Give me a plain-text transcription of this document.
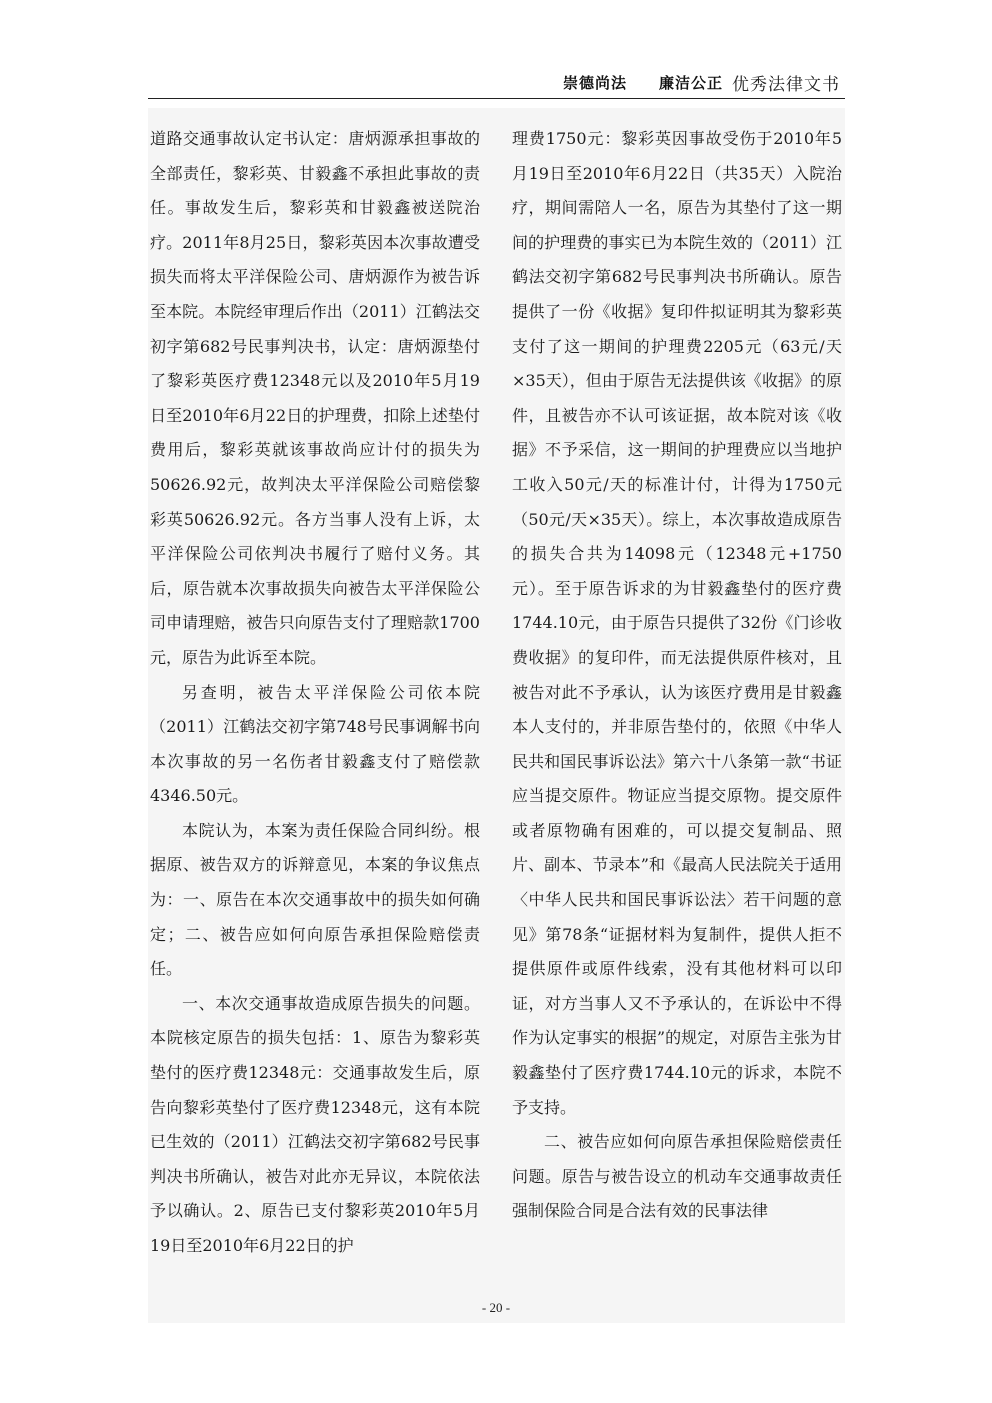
崇德尚法 廉洁公正 优秀法律文书

道路交通事故认定书认定：唐炳源承担事故的全部责任，黎彩英、甘毅鑫不承担此事故的责任。事故发生后，黎彩英和甘毅鑫被送院治疗。2011年8月25日，黎彩英因本次事故遭受损失而将太平洋保险公司、唐炳源作为被告诉至本院。本院经审理后作出（2011）江鹤法交初字第682号民事判决书，认定：唐炳源垫付了黎彩英医疗费12348元以及2010年5月19日至2010年6月22日的护理费，扣除上述垫付费用后，黎彩英就该事故尚应计付的损失为50626.92元，故判决太平洋保险公司赔偿黎彩英50626.92元。各方当事人没有上诉，太平洋保险公司依判决书履行了赔付义务。其后，原告就本次事故损失向被告太平洋保险公司申请理赔，被告只向原告支付了理赔款1700元，原告为此诉至本院。

另查明，被告太平洋保险公司依本院（2011）江鹤法交初字第748号民事调解书向本次事故的另一名伤者甘毅鑫支付了赔偿款4346.50元。

本院认为，本案为责任保险合同纠纷。根据原、被告双方的诉辩意见，本案的争议焦点为：一、原告在本次交通事故中的损失如何确定；二、被告应如何向原告承担保险赔偿责任。

一、本次交通事故造成原告损失的问题。本院核定原告的损失包括：1、原告为黎彩英垫付的医疗费12348元：交通事故发生后，原告向黎彩英垫付了医疗费12348元，这有本院已生效的（2011）江鹤法交初字第682号民事判决书所确认，被告对此亦无异议，本院依法予以确认。2、原告已支付黎彩英2010年5月19日至2010年6月22日的护

理费1750元：黎彩英因事故受伤于2010年5月19日至2010年6月22日（共35天）入院治疗，期间需陪人一名，原告为其垫付了这一期间的护理费的事实已为本院生效的（2011）江鹤法交初字第682号民事判决书所确认。原告提供了一份《收据》复印件拟证明其为黎彩英支付了这一期间的护理费2205元（63元/天×35天），但由于原告无法提供该《收据》的原件，且被告亦不认可该证据，故本院对该《收据》不予采信，这一期间的护理费应以当地护工收入50元/天的标准计付，计得为1750元（50元/天×35天）。综上，本次事故造成原告的损失合共为14098元（12348元+1750元）。至于原告诉求的为甘毅鑫垫付的医疗费1744.10元，由于原告只提供了32份《门诊收费收据》的复印件，而无法提供原件核对，且被告对此不予承认，认为该医疗费用是甘毅鑫本人支付的，并非原告垫付的，依照《中华人民共和国民事诉讼法》第六十八条第一款“书证应当提交原件。物证应当提交原物。提交原件或者原物确有困难的，可以提交复制品、照片、副本、节录本”和《最高人民法院关于适用〈中华人民共和国民事诉讼法〉若干问题的意见》第78条“证据材料为复制件，提供人拒不提供原件或原件线索，没有其他材料可以印证，对方当事人又不予承认的，在诉讼中不得作为认定事实的根据”的规定，对原告主张为甘毅鑫垫付了医疗费1744.10元的诉求，本院不予支持。

二、被告应如何向原告承担保险赔偿责任问题。原告与被告设立的机动车交通事故责任强制保险合同是合法有效的民事法律

- 20 -
